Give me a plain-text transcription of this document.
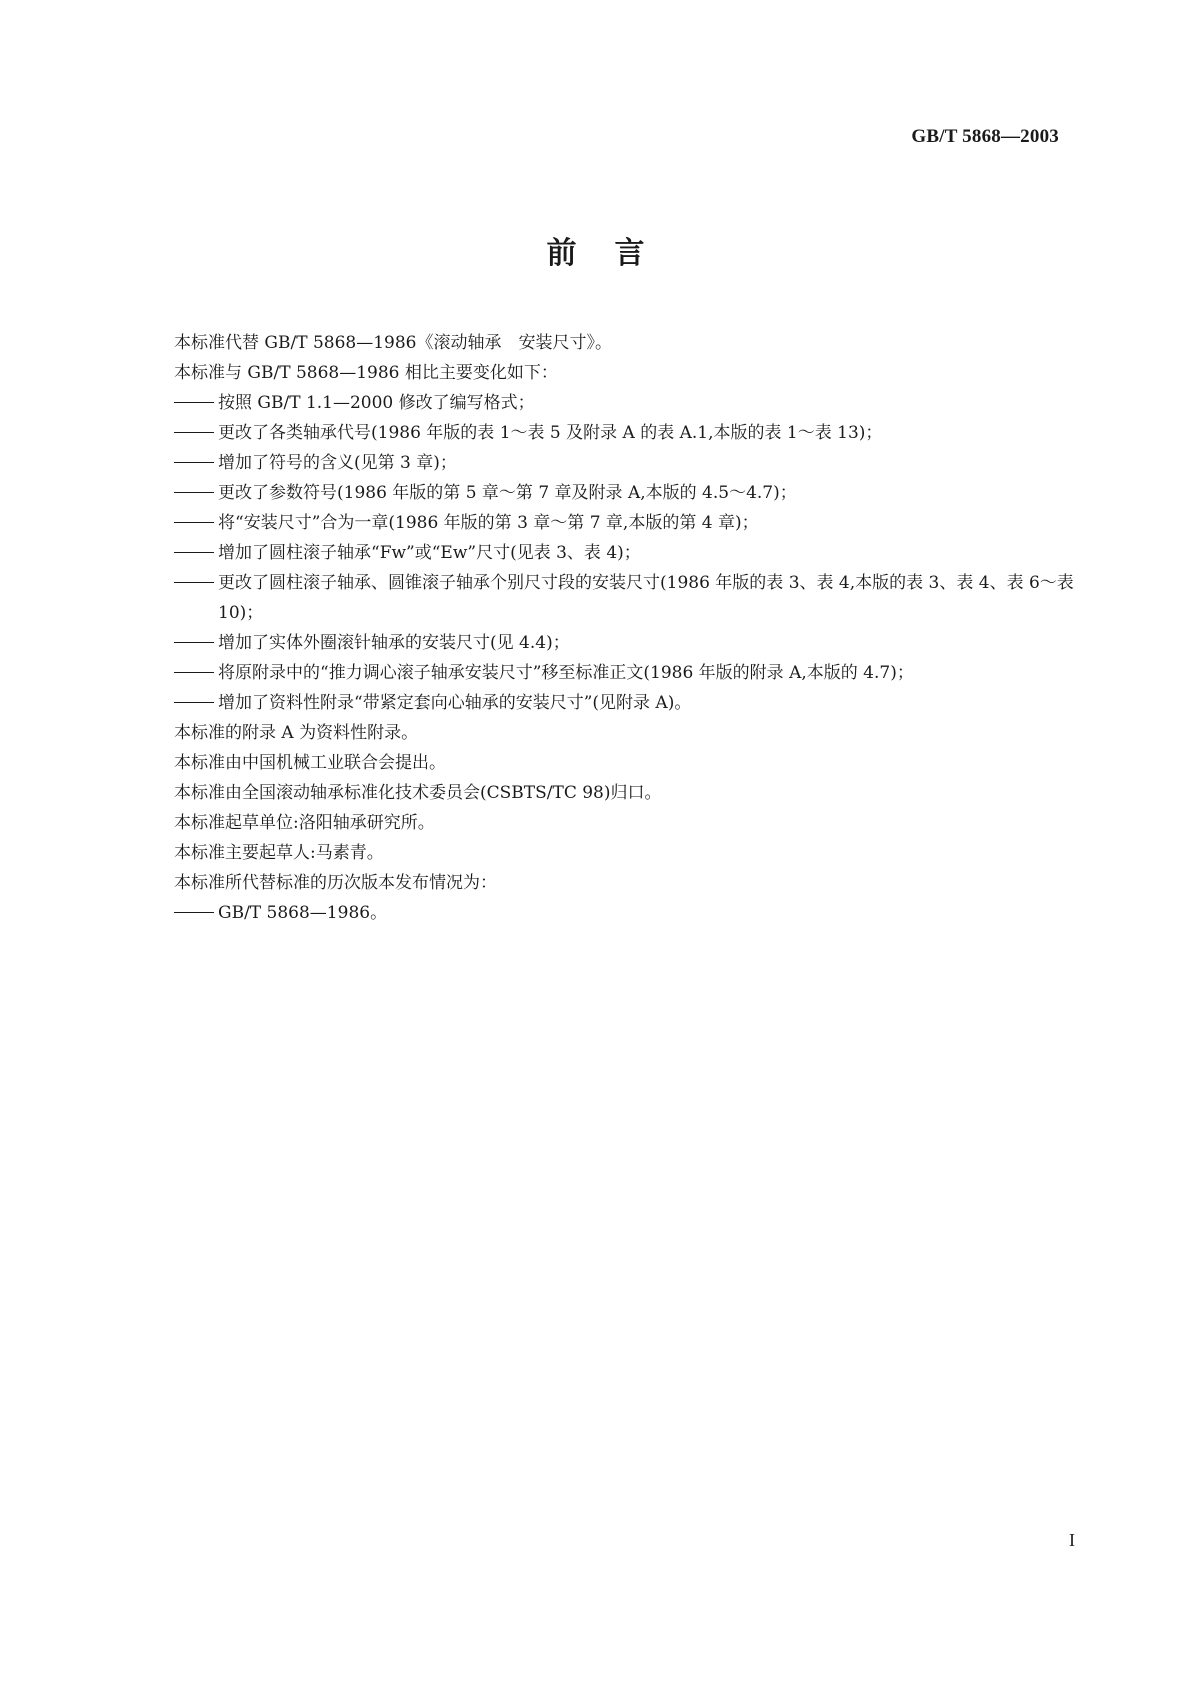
GB/T 5868—2003
前言
本标准代替 GB/T 5868—1986《滚动轴承　安装尺寸》。
本标准与 GB/T 5868—1986 相比主要变化如下：
按照 GB/T 1.1—2000 修改了编写格式；
更改了各类轴承代号(1986 年版的表 1～表 5 及附录 A 的表 A.1,本版的表 1～表 13)；
增加了符号的含义(见第 3 章)；
更改了参数符号(1986 年版的第 5 章～第 7 章及附录 A,本版的 4.5～4.7)；
将“安装尺寸”合为一章(1986 年版的第 3 章～第 7 章,本版的第 4 章)；
增加了圆柱滚子轴承“Fw”或“Ew”尺寸(见表 3、表 4)；
更改了圆柱滚子轴承、圆锥滚子轴承个别尺寸段的安装尺寸(1986 年版的表 3、表 4,本版的表 3、表 4、表 6～表 10)；
增加了实体外圈滚针轴承的安装尺寸(见 4.4)；
将原附录中的“推力调心滚子轴承安装尺寸”移至标准正文(1986 年版的附录 A,本版的 4.7)；
增加了资料性附录“带紧定套向心轴承的安装尺寸”(见附录 A)。
本标准的附录 A 为资料性附录。
本标准由中国机械工业联合会提出。
本标准由全国滚动轴承标准化技术委员会(CSBTS/TC 98)归口。
本标准起草单位:洛阳轴承研究所。
本标准主要起草人:马素青。
本标准所代替标准的历次版本发布情况为：
GB/T 5868—1986。
I
